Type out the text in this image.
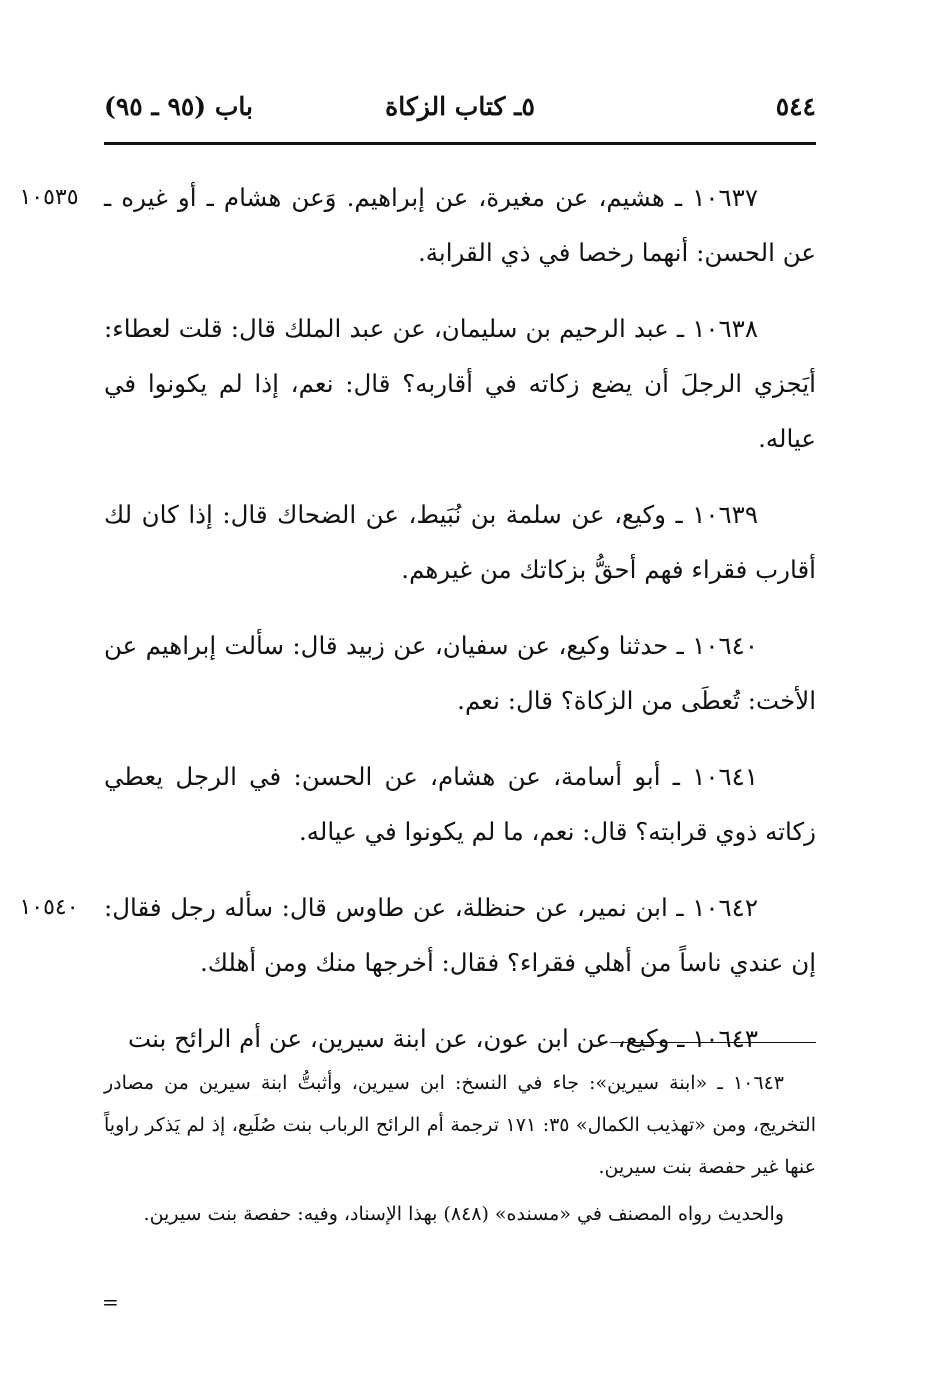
٥٤٤
٥ـ كتاب الزكاة
باب (٩٥ ـ ٩٥)

١٠٥٣٥	١٠٦٣٧ ـ هشيم، عن مغيرة، عن إبراهيم. وَعن هشام ـ أو غيره ـ عن الحسن: أنهما رخصا في ذي القرابة.

١٠٦٣٨ ـ عبد الرحيم بن سليمان، عن عبد الملك قال: قلت لعطاء: أيَجزي الرجلَ أن يضع زكاته في أقاربه؟ قال: نعم، إذا لم يكونوا في عياله.

١٠٦٣٩ ـ وكيع، عن سلمة بن نُبَيط، عن الضحاك قال: إذا كان لك أقارب فقراء فهم أحقُّ بزكاتك من غيرهم.

١٠٦٤٠ ـ حدثنا وكيع، عن سفيان، عن زبيد قال: سألت إبراهيم عن الأخت: تُعطَى من الزكاة؟ قال: نعم.

١٠٦٤١ ـ أبو أسامة، عن هشام، عن الحسن: في الرجل يعطي زكاته ذوي قرابته؟ قال: نعم، ما لم يكونوا في عياله.

١٠٥٤٠	١٠٦٤٢ ـ ابن نمير، عن حنظلة، عن طاوس قال: سأله رجل فقال: إن عندي ناساً من أهلي فقراء؟ فقال: أخرجها منك ومن أهلك.

١٠٦٤٣ ـ وكيع، عن ابن عون، عن ابنة سيرين، عن أم الرائح بنت

١٠٦٤٣ ـ «ابنة سيرين»: جاء في النسخ: ابن سيرين، وأثبتُّ ابنة سيرين من مصادر التخريج، ومن «تهذيب الكمال» ٣٥: ١٧١ ترجمة أم الرائح الرباب بنت صُلَيع، إذ لم يَذكر راوياً عنها غير حفصة بنت سيرين.

والحديث رواه المصنف في «مسنده» (٨٤٨) بهذا الإسناد، وفيه: حفصة بنت سيرين.

=
